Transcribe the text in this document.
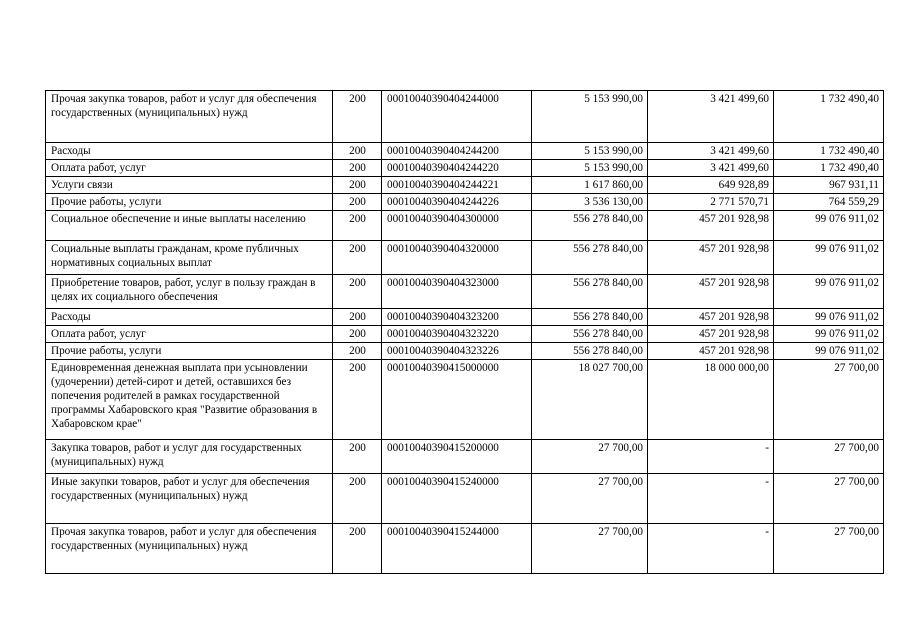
Прочая закупка товаров, работ и услуг для обеспечения государственных (муниципальных) нужд	200	00010040390404244000	5 153 990,00	3 421 499,60	1 732 490,40
Расходы	200	00010040390404244200	5 153 990,00	3 421 499,60	1 732 490,40
Оплата работ, услуг	200	00010040390404244220	5 153 990,00	3 421 499,60	1 732 490,40
Услуги связи	200	00010040390404244221	1 617 860,00	649 928,89	967 931,11
Прочие работы, услуги	200	00010040390404244226	3 536 130,00	2 771 570,71	764 559,29
Социальное обеспечение и иные выплаты населению	200	00010040390404300000	556 278 840,00	457 201 928,98	99 076 911,02
Социальные выплаты гражданам, кроме публичных нормативных социальных выплат	200	00010040390404320000	556 278 840,00	457 201 928,98	99 076 911,02
Приобретение товаров, работ, услуг в пользу граждан в целях их социального обеспечения	200	00010040390404323000	556 278 840,00	457 201 928,98	99 076 911,02
Расходы	200	00010040390404323200	556 278 840,00	457 201 928,98	99 076 911,02
Оплата работ, услуг	200	00010040390404323220	556 278 840,00	457 201 928,98	99 076 911,02
Прочие работы, услуги	200	00010040390404323226	556 278 840,00	457 201 928,98	99 076 911,02
Единовременная денежная выплата при усыновлении (удочерении) детей-сирот и детей, оставшихся без попечения родителей в рамках государственной программы Хабаровского края "Развитие образования в Хабаровском крае"	200	00010040390415000000	18 027 700,00	18 000 000,00	27 700,00
Закупка товаров, работ и услуг для государственных (муниципальных) нужд	200	00010040390415200000	27 700,00	-	27 700,00
Иные закупки товаров, работ и услуг для обеспечения государственных (муниципальных) нужд	200	00010040390415240000	27 700,00	-	27 700,00
Прочая закупка товаров, работ и услуг для обеспечения государственных (муниципальных) нужд	200	00010040390415244000	27 700,00	-	27 700,00
